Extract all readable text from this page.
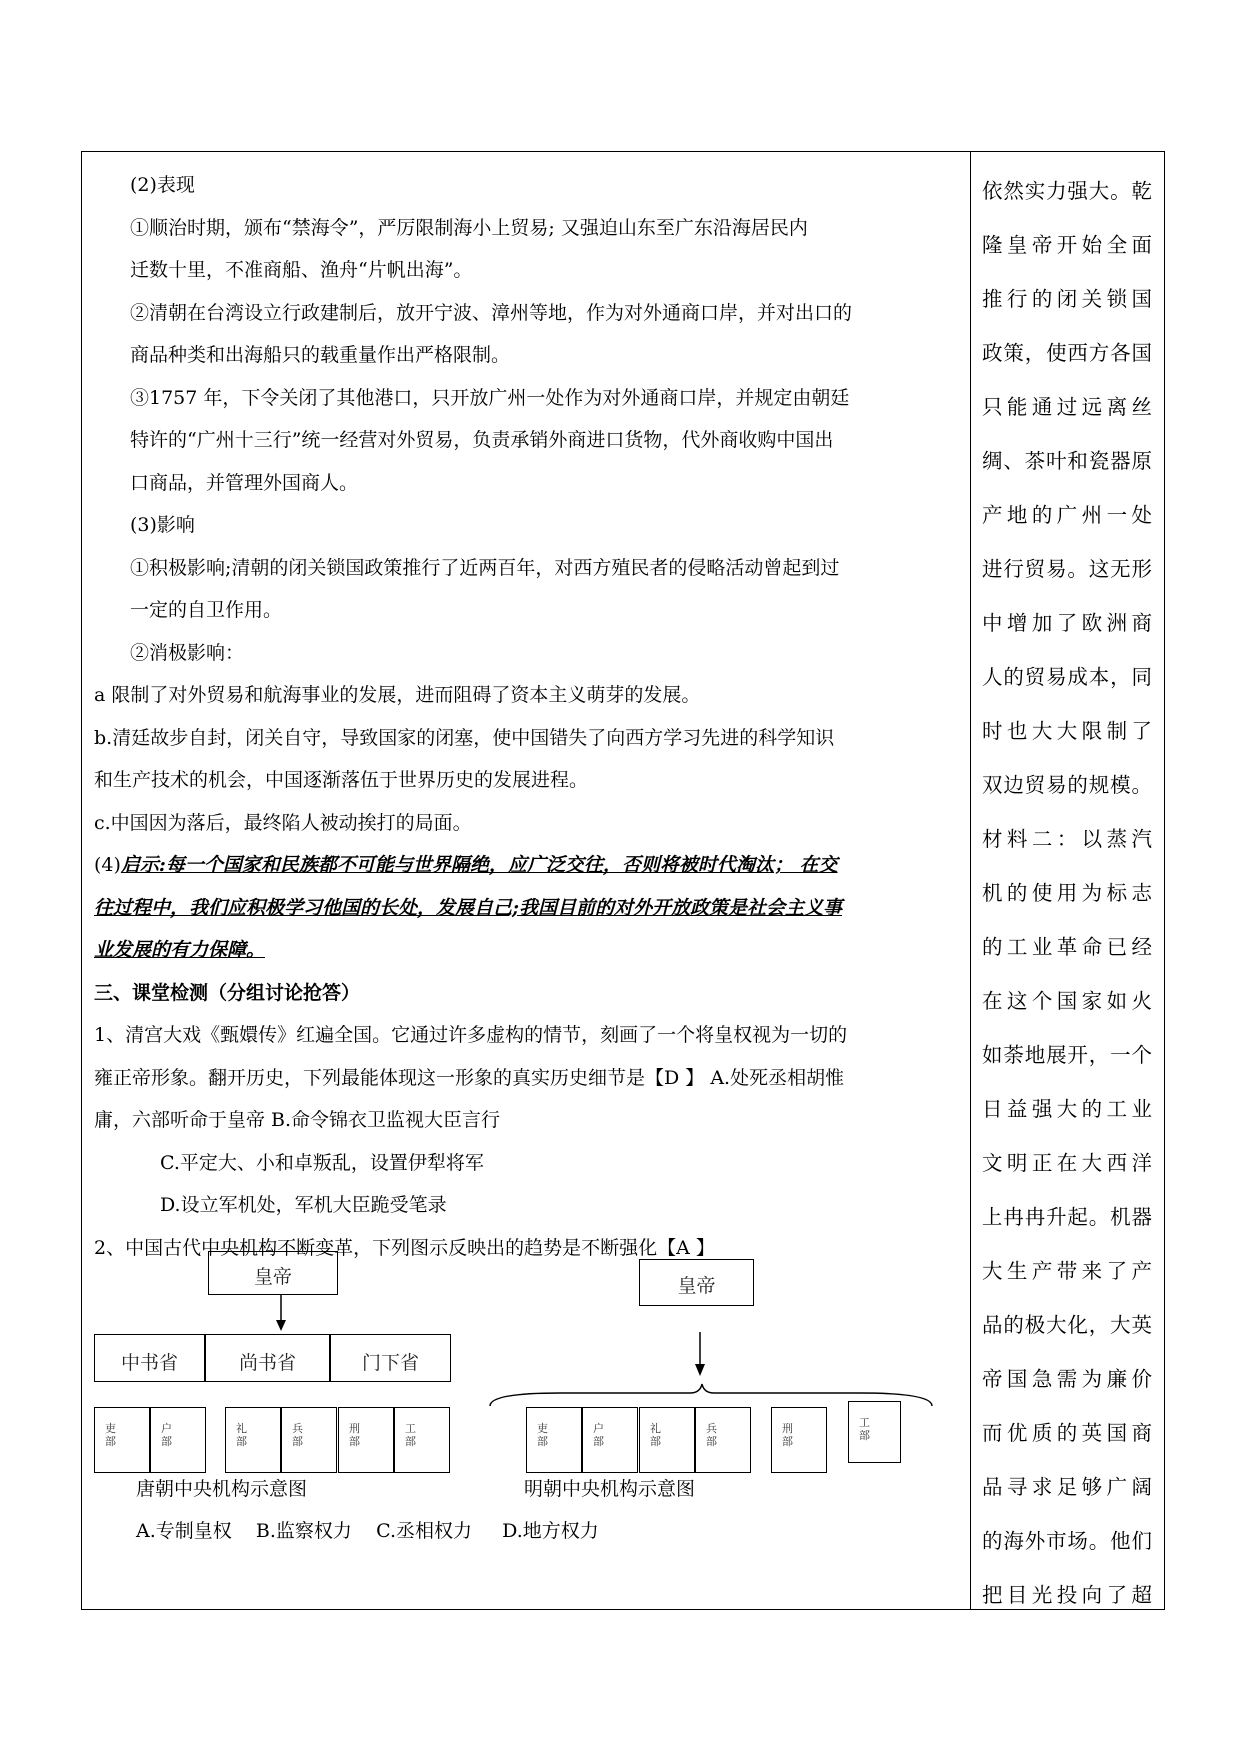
(2)表现

①顺治时期，颁布“禁海令”，严厉限制海小上贸易; 又强迫山东至广东沿海居民内

迁数十里，不准商船、渔舟“片帆出海”。

②清朝在台湾设立行政建制后，放开宁波、漳州等地，作为对外通商口岸，并对出口的

商品种类和出海船只的载重量作出严格限制。

③1757 年，下令关闭了其他港口，只开放广州一处作为对外通商口岸，并规定由朝廷

特许的“广州十三行”统一经营对外贸易，负责承销外商进口货物，代外商收购中国出

口商品，并管理外国商人。

(3)影响

①积极影响;清朝的闭关锁国政策推行了近两百年，对西方殖民者的侵略活动曾起到过

一定的自卫作用。

②消极影响：

a 限制了对外贸易和航海事业的发展，进而阻碍了资本主义萌芽的发展。

b.清廷故步自封，闭关自守，导致国家的闭塞，使中国错失了向西方学习先进的科学知识

和生产技术的机会，中国逐渐落伍于世界历史的发展进程。

c.中国因为落后，最终陷人被动挨打的局面。

(4)启示:每一个国家和民族都不可能与世界隔绝，应广泛交往，否则将被时代淘汰； 在交

往过程中，我们应积极学习他国的长处，发展自己;我国目前的对外开放政策是社会主义事

业发展的有力保障。

三、课堂检测（分组讨论抢答）

1、清宫大戏《甄嬛传》红遍全国。它通过许多虚构的情节，刻画了一个将皇权视为一切的

雍正帝形象。翻开历史，下列最能体现这一形象的真实历史细节是【D 】 A.处死丞相胡惟

庸，六部听命于皇帝 B.命令锦衣卫监视大臣言行

C.平定大、小和卓叛乱，设置伊犁将军

D.设立军机处，军机大臣跪受笔录

2、中国古代中央机构不断变革，下列图示反映出的趋势是不断强化【A 】

依然实力强大。乾

隆皇帝开始全面

推行的闭关锁国

政策，使西方各国

只能通过远离丝

绸、茶叶和瓷器原

产地的广州一处

进行贸易。这无形

中增加了欧洲商

人的贸易成本，同

时也大大限制了

双边贸易的规模。

材料二：以蒸汽

机的使用为标志

的工业革命已经

在这个国家如火

如荼地展开，一个

日益强大的工业

文明正在大西洋

上冉冉升起。机器

大生产带来了产

品的极大化，大英

帝国急需为廉价

而优质的英国商

品寻求足够广阔

的海外市场。他们

把目光投向了超

皇帝
中书省	尚书省	门下省
吏部
户部
礼部
兵部
刑部
工部
唐朝中央机构示意图
皇帝
吏部
户部
礼部
兵部
刑部
工部
明朝中央机构示意图
A.专制皇权    B.监察权力    C.丞相权力     D.地方权力
